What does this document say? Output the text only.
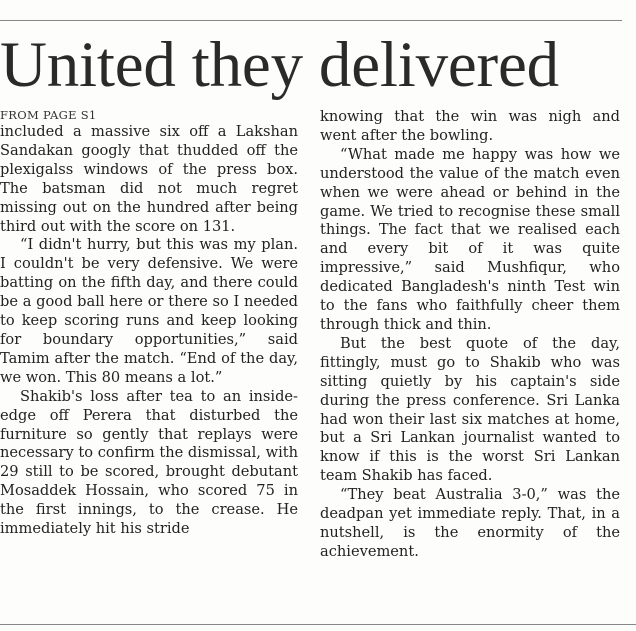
United they delivered
FROM PAGE S1

included a massive six off a Lakshan Sandakan googly that thudded off the plexigalss windows of the press box. The batsman did not much regret missing out on the hundred after being third out with the score on 131.

“I didn't hurry, but this was my plan. I couldn't be very defensive. We were batting on the fifth day, and there could be a good ball here or there so I needed to keep scoring runs and keep looking for boundary opportunities,” said Tamim after the match. “End of the day, we won. This 80 means a lot.”

Shakib's loss after tea to an inside-edge off Perera that disturbed the furniture so gently that replays were necessary to confirm the dismissal, with 29 still to be scored, brought debutant Mosaddek Hossain, who scored 75 in the first innings, to the crease. He immediately hit his stride

knowing that the win was nigh and went after the bowling.

“What made me happy was how we understood the value of the match even when we were ahead or behind in the game. We tried to recognise these small things. The fact that we realised each and every bit of it was quite impressive,” said Mushfiqur, who dedicated Bangladesh's ninth Test win to the fans who faithfully cheer them through thick and thin.

But the best quote of the day, fittingly, must go to Shakib who was sitting quietly by his captain's side during the press conference. Sri Lanka had won their last six matches at home, but a Sri Lankan journalist wanted to know if this is the worst Sri Lankan team Shakib has faced.

“They beat Australia 3-0,” was the deadpan yet immediate reply. That, in a nutshell, is the enormity of the achievement.
